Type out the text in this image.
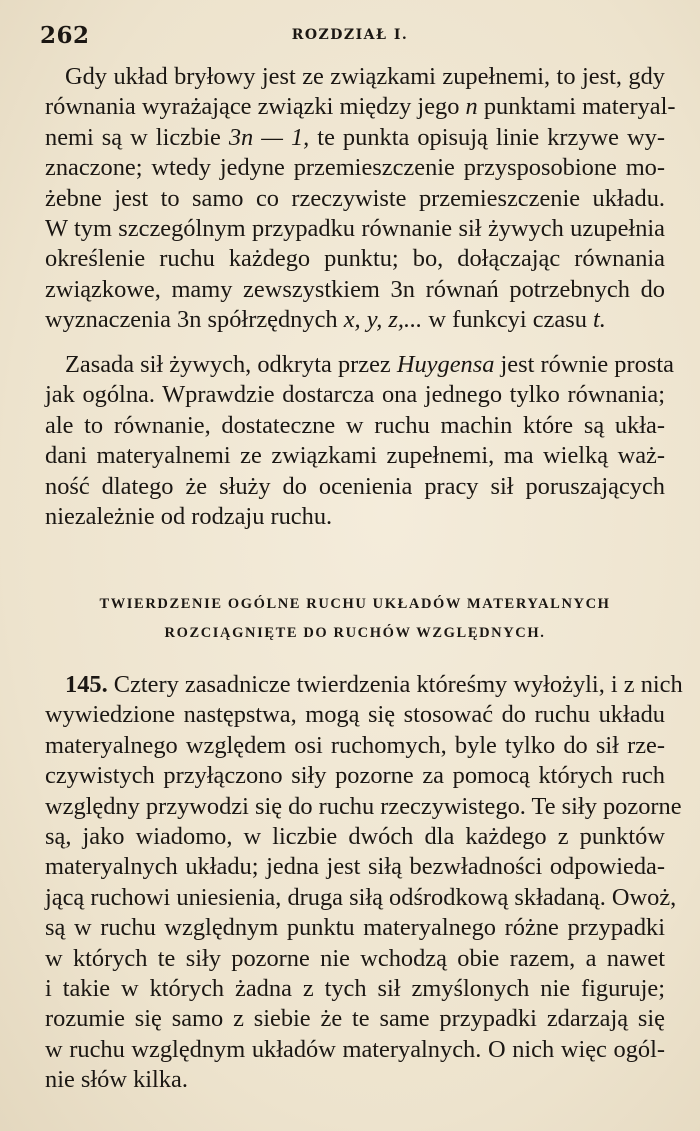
262	ROZDZIAŁ I.

Gdy układ bryłowy jest ze związkami zupełnemi, to jest, gdy
równania wyrażające związki między jego n punktami materyal-
nemi są w liczbie 3n — 1, te punkta opisują linie krzywe wy-
znaczone; wtedy jedyne przemieszczenie przysposobione mo-
żebne jest to samo co rzeczywiste przemieszczenie układu.
W tym szczególnym przypadku równanie sił żywych uzupełnia
określenie ruchu każdego punktu; bo, dołączając równania
związkowe, mamy zewszystkiem 3n równań potrzebnych do
wyznaczenia 3n spółrzędnych x, y, z,... w funkcyi czasu t.

Zasada sił żywych, odkryta przez Huygensa jest równie prosta
jak ogólna. Wprawdzie dostarcza ona jednego tylko równania;
ale to równanie, dostateczne w ruchu machin które są ukła-
dani materyalnemi ze związkami zupełnemi, ma wielką waż-
ność dlatego że służy do ocenienia pracy sił poruszających
niezależnie od rodzaju ruchu.

TWIERDZENIE OGÓLNE RUCHU UKŁADÓW MATERYALNYCH
ROZCIĄGNIĘTE DO RUCHÓW WZGLĘDNYCH.

145. Cztery zasadnicze twierdzenia któreśmy wyłożyli, i z nich
wywiedzione następstwa, mogą się stosować do ruchu układu
materyalnego względem osi ruchomych, byle tylko do sił rze-
czywistych przyłączono siły pozorne za pomocą których ruch
względny przywodzi się do ruchu rzeczywistego. Te siły pozorne
są, jako wiadomo, w liczbie dwóch dla każdego z punktów
materyalnych układu; jedna jest siłą bezwładności odpowieda-
jącą ruchowi uniesienia, druga siłą odśrodkową składaną. Owoż,
są w ruchu względnym punktu materyalnego różne przypadki
w których te siły pozorne nie wchodzą obie razem, a nawet
i takie w których żadna z tych sił zmyślonych nie figuruje;
rozumie się samo z siebie że te same przypadki zdarzają się
w ruchu względnym układów materyalnych. O nich więc ogól-
nie słów kilka.
